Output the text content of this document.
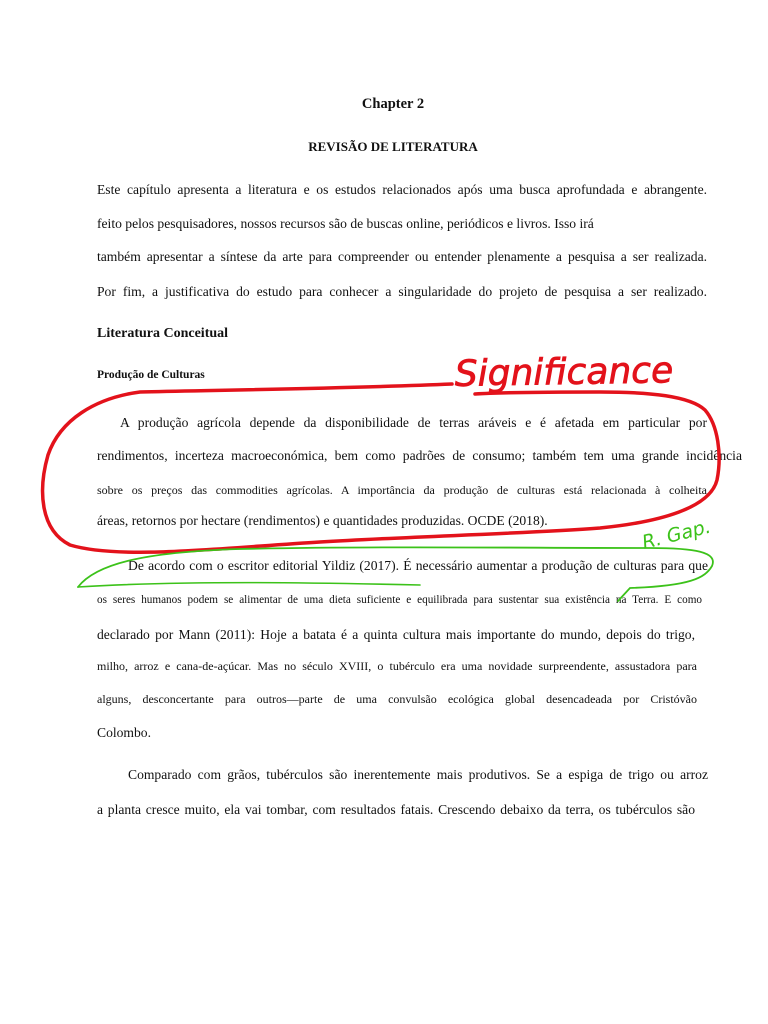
Chapter 2
REVISÃO DE LITERATURA
Este capítulo apresenta a literatura e os estudos relacionados após uma busca aprofundada e abrangente.
feito pelos pesquisadores, nossos recursos são de buscas online, periódicos e livros. Isso irá
também apresentar a síntese da arte para compreender ou entender plenamente a pesquisa a ser realizada.
Por fim, a justificativa do estudo para conhecer a singularidade do projeto de pesquisa a ser realizado.
Literatura Conceitual
Produção de Culturas
A produção agrícola depende da disponibilidade de terras aráveis e é afetada em particular por
rendimentos, incerteza macroeconómica, bem como padrões de consumo; também tem uma grande incidência
sobre os preços das commodities agrícolas. A importância da produção de culturas está relacionada à colheita
áreas, retornos por hectare (rendimentos) e quantidades produzidas. OCDE (2018).
De acordo com o escritor editorial Yildiz (2017). É necessário aumentar a produção de culturas para que
os seres humanos podem se alimentar de uma dieta suficiente e equilibrada para sustentar sua existência na Terra. E como
declarado por Mann (2011): Hoje a batata é a quinta cultura mais importante do mundo, depois do trigo,
milho, arroz e cana-de-açúcar. Mas no século XVIII, o tubérculo era uma novidade surpreendente, assustadora para
alguns, desconcertante para outros—parte de uma convulsão ecológica global desencadeada por Cristóvão
Colombo.
Comparado com grãos, tubérculos são inerentemente mais produtivos. Se a espiga de trigo ou arroz
a planta cresce muito, ela vai tombar, com resultados fatais. Crescendo debaixo da terra, os tubérculos são
Significance
R. Gap.
